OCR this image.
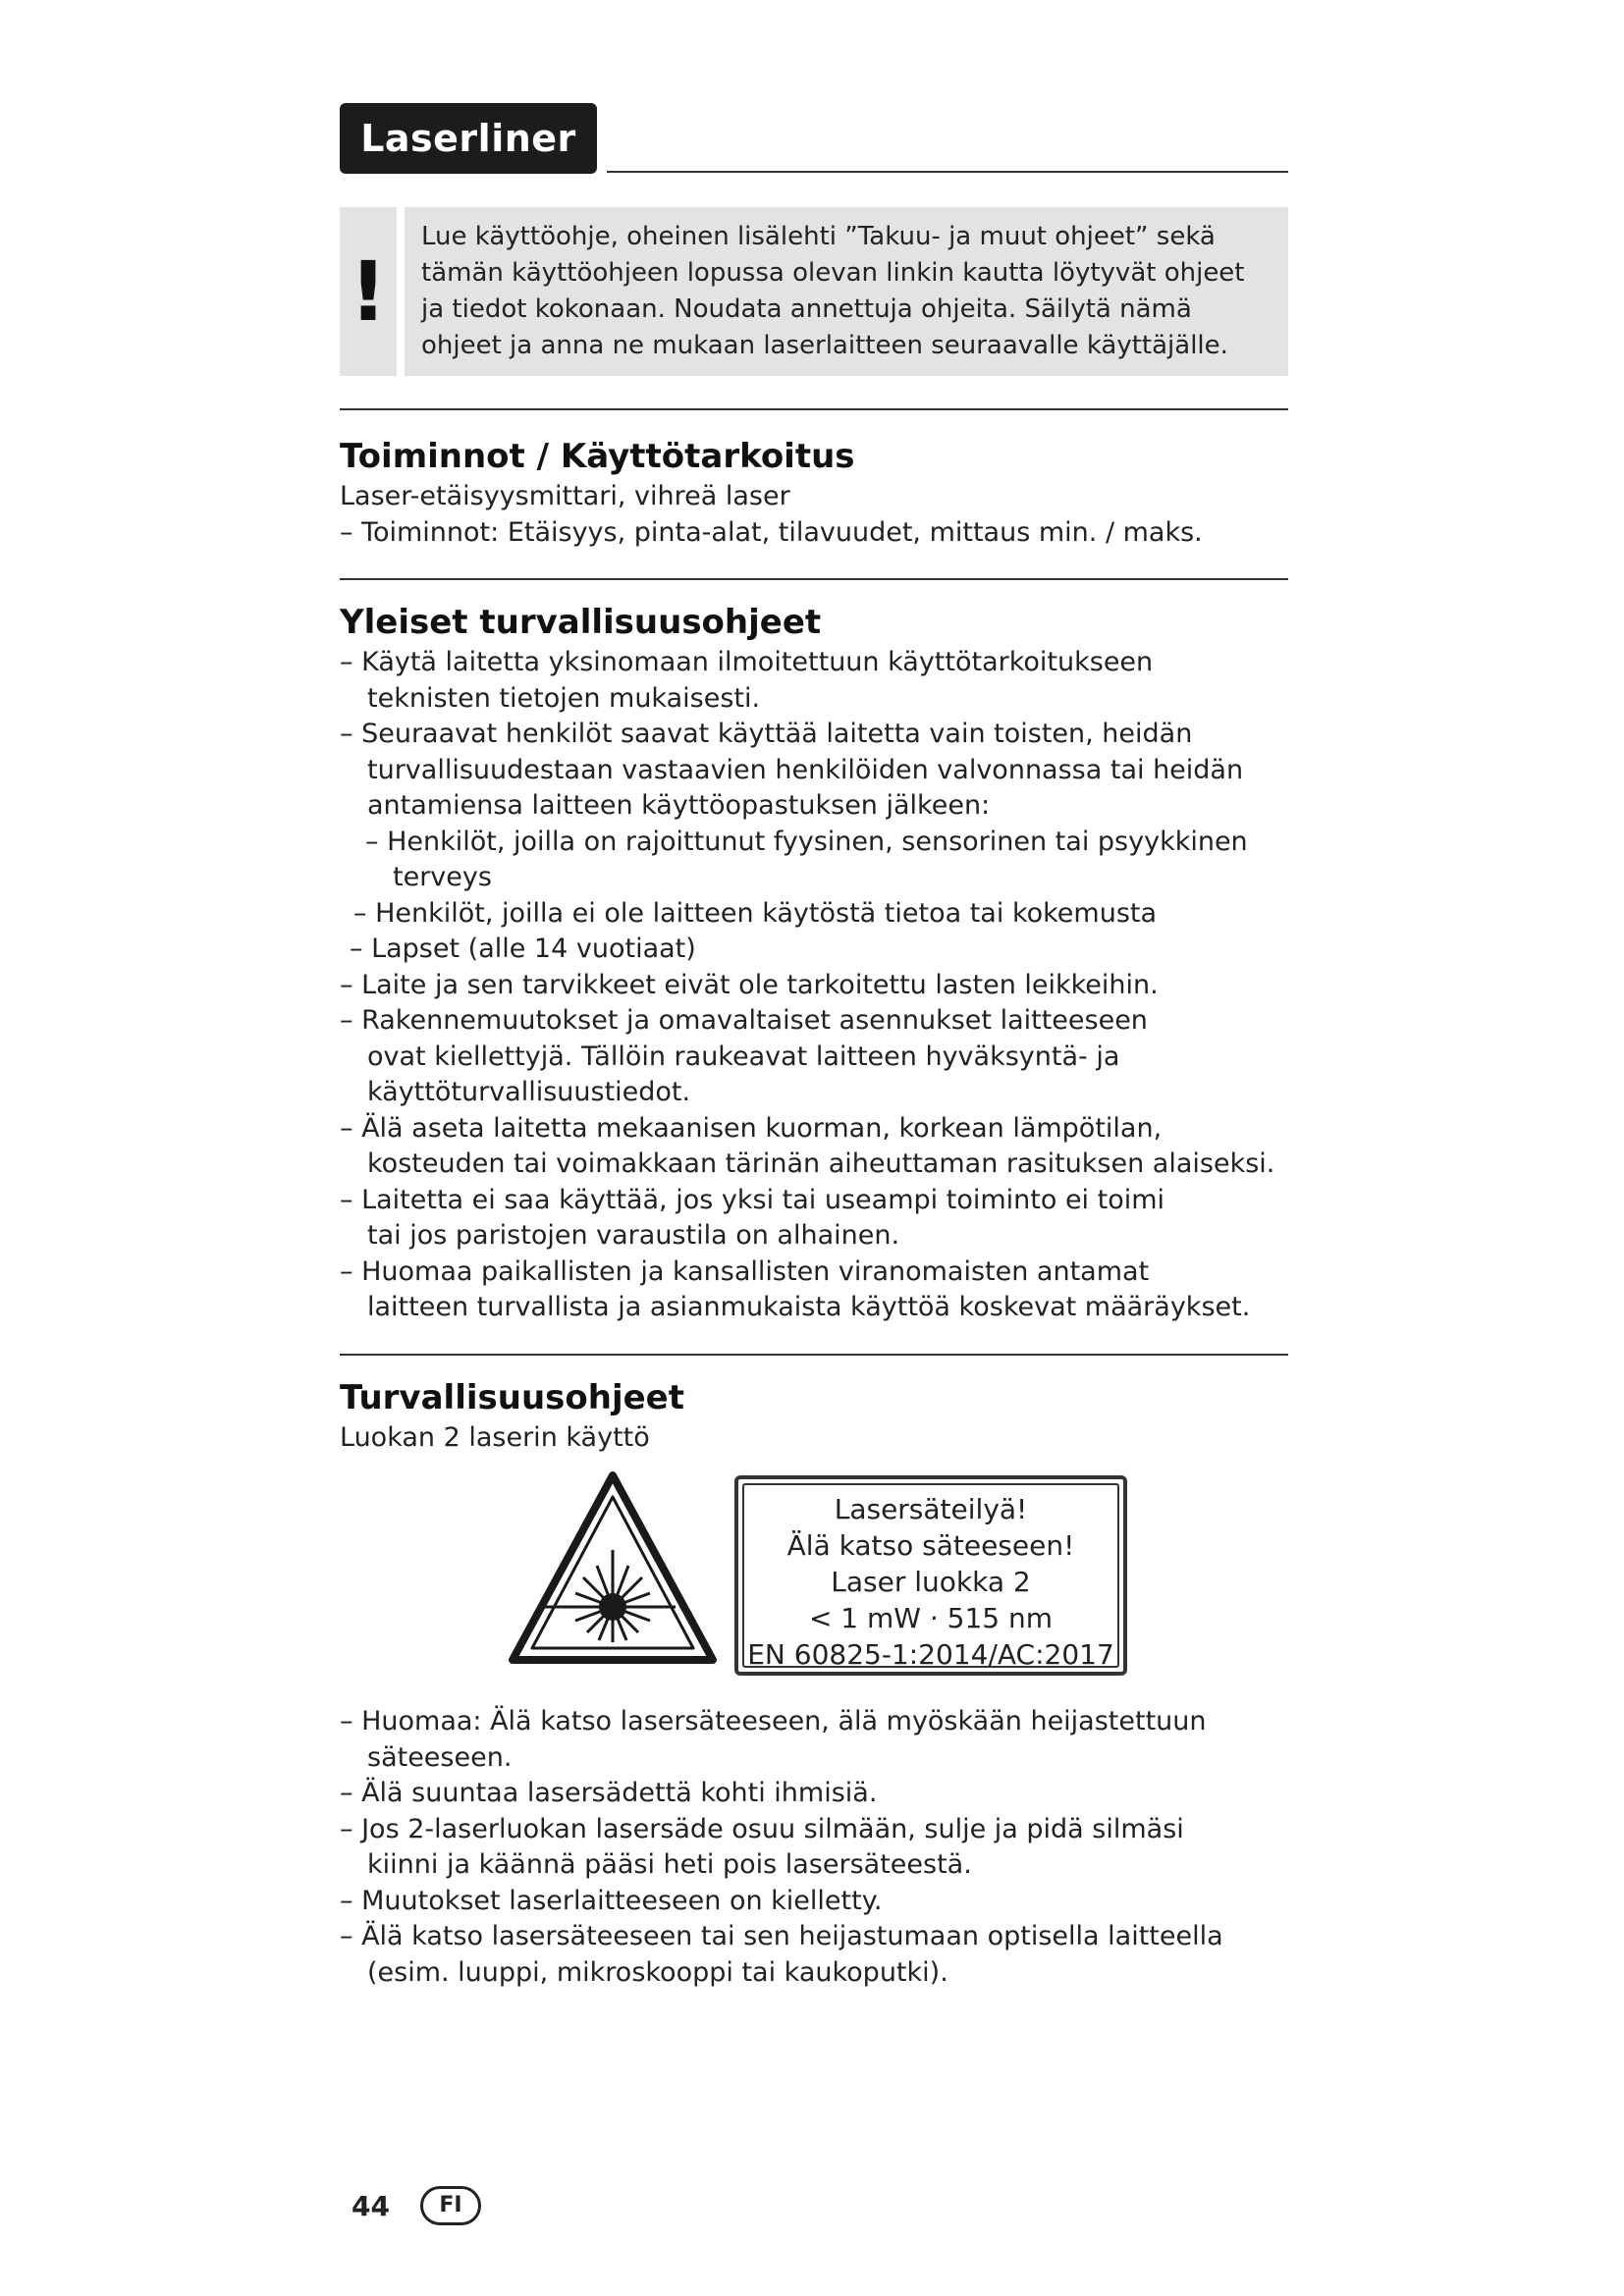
Laserliner
!

Lue käyttöohje, oheinen lisälehti ”Takuu- ja muut ohjeet” sekä

tämän käyttöohjeen lopussa olevan linkin kautta löytyvät ohjeet

ja tiedot kokonaan. Noudata annettuja ohjeita. Säilytä nämä

ohjeet ja anna ne mukaan laserlaitteen seuraavalle käyttäjälle.

Toiminnot / Käyttötarkoitus

Laser-etäisyysmittari, vihreä laser

– Toiminnot: Etäisyys, pinta-alat, tilavuudet, mittaus min. / maks.

Yleiset turvallisuusohjeet

– Käytä laitetta yksinomaan ilmoitettuun käyttötarkoitukseen

teknisten tietojen mukaisesti.

– Seuraavat henkilöt saavat käyttää laitetta vain toisten, heidän

turvallisuudestaan vastaavien henkilöiden valvonnassa tai heidän

antamiensa laitteen käyttöopastuksen jälkeen:

– Henkilöt, joilla on rajoittunut fyysinen, sensorinen tai psyykkinen

terveys

– Henkilöt, joilla ei ole laitteen käytöstä tietoa tai kokemusta

– Lapset (alle 14 vuotiaat)

– Laite ja sen tarvikkeet eivät ole tarkoitettu lasten leikkeihin.

– Rakennemuutokset ja omavaltaiset asennukset laitteeseen

ovat kiellettyjä. Tällöin raukeavat laitteen hyväksyntä- ja

käyttöturvallisuustiedot.

– Älä aseta laitetta mekaanisen kuorman, korkean lämpötilan,

kosteuden tai voimakkaan tärinän aiheuttaman rasituksen alaiseksi.

– Laitetta ei saa käyttää, jos yksi tai useampi toiminto ei toimi

tai jos paristojen varaustila on alhainen.

– Huomaa paikallisten ja kansallisten viranomaisten antamat

laitteen turvallista ja asianmukaista käyttöä koskevat määräykset.

Turvallisuusohjeet

Luokan 2 laserin käyttö

Lasersäteilyä!
Älä katso säteeseen!
Laser luokka 2
< 1 mW · 515 nm
EN 60825-1:2014/AC:2017

– Huomaa: Älä katso lasersäteeseen, älä myöskään heijastettuun

säteeseen.

– Älä suuntaa lasersädettä kohti ihmisiä.

– Jos 2-laserluokan lasersäde osuu silmään, sulje ja pidä silmäsi

kiinni ja käännä pääsi heti pois lasersäteestä.

– Muutokset laserlaitteeseen on kielletty.

– Älä katso lasersäteeseen tai sen heijastumaan optisella laitteella

(esim. luuppi, mikroskooppi tai kaukoputki).

44	FI
